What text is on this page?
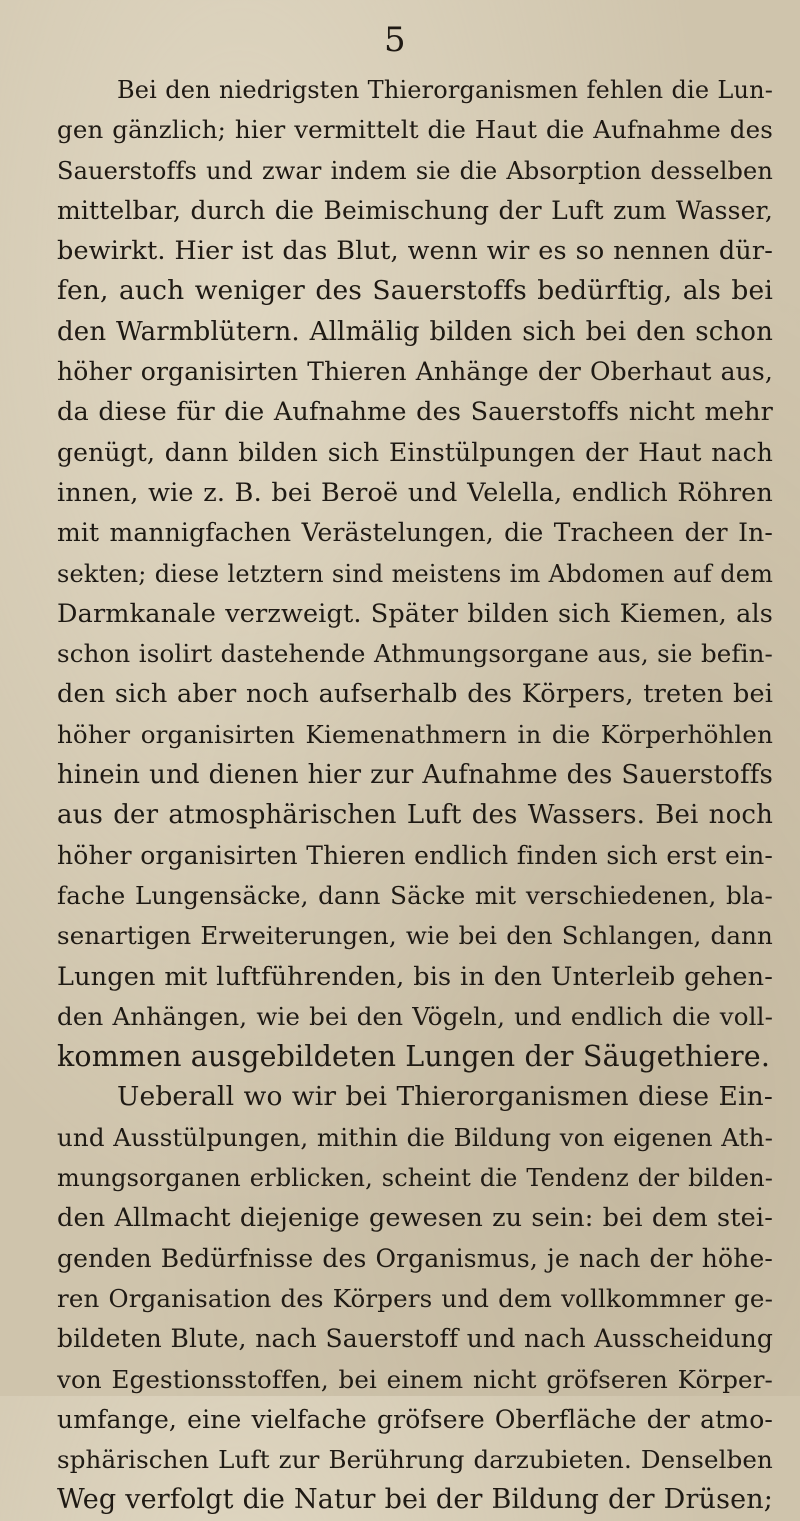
5
Bei den niedrigsten Thierorganismen fehlen die Lun-
gen gänzlich; hier vermittelt die Haut die Aufnahme des
Sauerstoffs und zwar indem sie die Absorption desselben
mittelbar, durch die Beimischung der Luft zum Wasser,
bewirkt. Hier ist das Blut, wenn wir es so nennen dür-
fen, auch weniger des Sauerstoffs bedürftig, als bei
den Warmblütern. Allmälig bilden sich bei den schon
höher organisirten Thieren Anhänge der Oberhaut aus,
da diese für die Aufnahme des Sauerstoffs nicht mehr
genügt, dann bilden sich Einstülpungen der Haut nach
innen, wie z. B. bei Beroë und Velella, endlich Röhren
mit mannigfachen Verästelungen, die Tracheen der In-
sekten; diese letztern sind meistens im Abdomen auf dem
Darmkanale verzweigt. Später bilden sich Kiemen, als
schon isolirt dastehende Athmungsorgane aus, sie befin-
den sich aber noch aufserhalb des Körpers, treten bei
höher organisirten Kiemenathmern in die Körperhöhlen
hinein und dienen hier zur Aufnahme des Sauerstoffs
aus der atmosphärischen Luft des Wassers. Bei noch
höher organisirten Thieren endlich finden sich erst ein-
fache Lungensäcke, dann Säcke mit verschiedenen, bla-
senartigen Erweiterungen, wie bei den Schlangen, dann
Lungen mit luftführenden, bis in den Unterleib gehen-
den Anhängen, wie bei den Vögeln, und endlich die voll-
kommen ausgebildeten Lungen der Säugethiere.
Ueberall wo wir bei Thierorganismen diese Ein-
und Ausstülpungen, mithin die Bildung von eigenen Ath-
mungsorganen erblicken, scheint die Tendenz der bilden-
den Allmacht diejenige gewesen zu sein: bei dem stei-
genden Bedürfnisse des Organismus, je nach der höhe-
ren Organisation des Körpers und dem vollkommner ge-
bildeten Blute, nach Sauerstoff und nach Ausscheidung
von Egestionsstoffen, bei einem nicht gröfseren Körper-
umfange, eine vielfache gröfsere Oberfläche der atmo-
sphärischen Luft zur Berührung darzubieten. Denselben
Weg verfolgt die Natur bei der Bildung der Drüsen;
